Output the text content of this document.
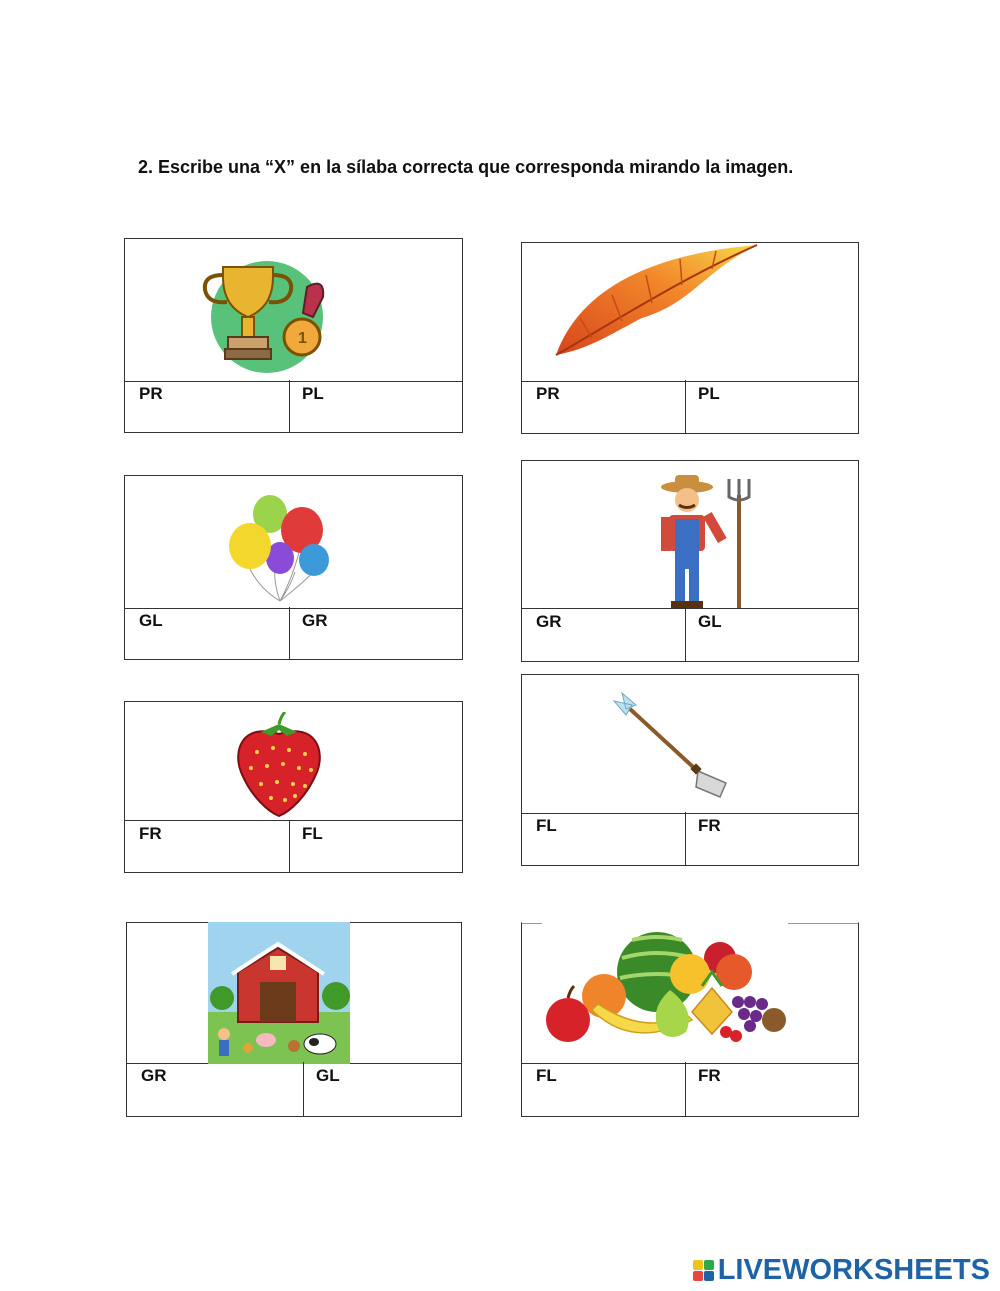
2. Escribe una “X” en la sílaba correcta que corresponda mirando la imagen.
1
PR	PL	PR	PL
GL	GR	GR	GL
FR	FL	FL	FR
GR	GL	FL	FR
LIVEWORKSHEETS
